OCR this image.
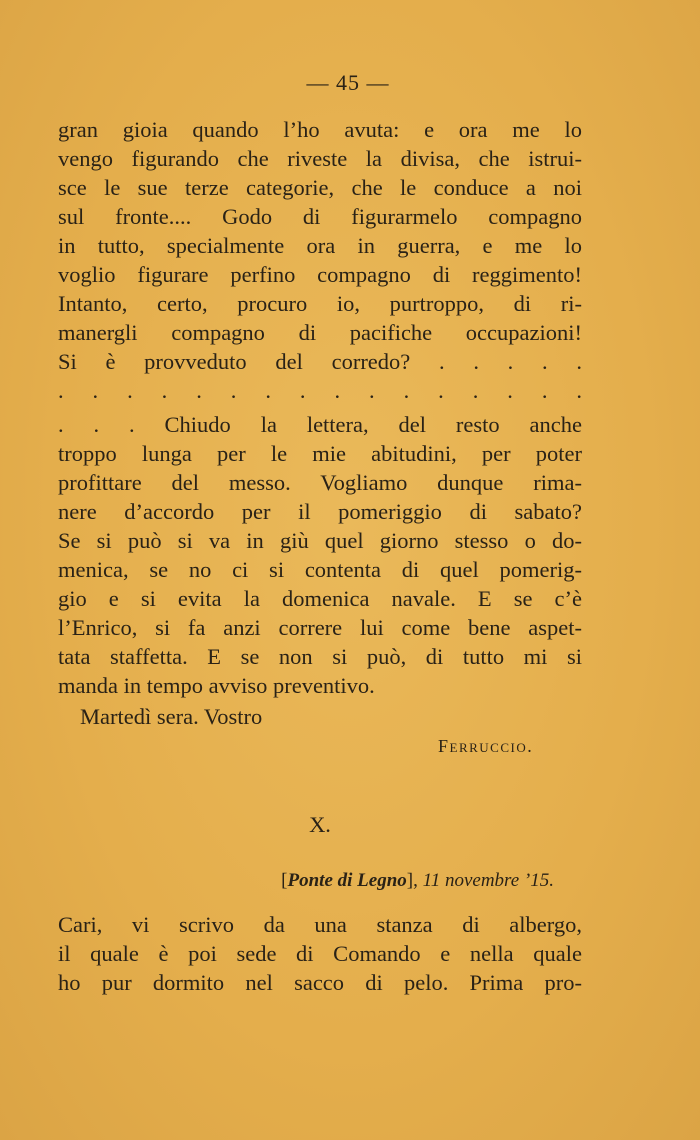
— 45 —
gran gioia quando l’ho avuta: e ora me lo
vengo figurando che riveste la divisa, che istrui-
sce le sue terze categorie, che le conduce a noi
sul fronte.... Godo di figurarmelo compagno
in tutto, specialmente ora in guerra, e me lo
voglio figurare perfino compagno di reggimento!
Intanto, certo, procuro io, purtroppo, di ri-
manergli compagno di pacifiche occupazioni!
Si è provveduto del corredo? . . . . .
. . . . . . . . . . . . . . . .
. . . Chiudo la lettera, del resto anche
troppo lunga per le mie abitudini, per poter
profittare del messo. Vogliamo dunque rima-
nere d’accordo per il pomeriggio di sabato?
Se si può si va in giù quel giorno stesso o do-
menica, se no ci si contenta di quel pomerig-
gio e si evita la domenica navale. E se c’è
l’Enrico, si fa anzi correre lui come bene aspet-
tata staffetta. E se non si può, di tutto mi si
manda in tempo avviso preventivo.
Martedì sera. Vostro
Ferruccio.
X.
[Ponte di Legno], 11 novembre ’15.
Cari, vi scrivo da una stanza di albergo,
il quale è poi sede di Comando e nella quale
ho pur dormito nel sacco di pelo. Prima pro-
